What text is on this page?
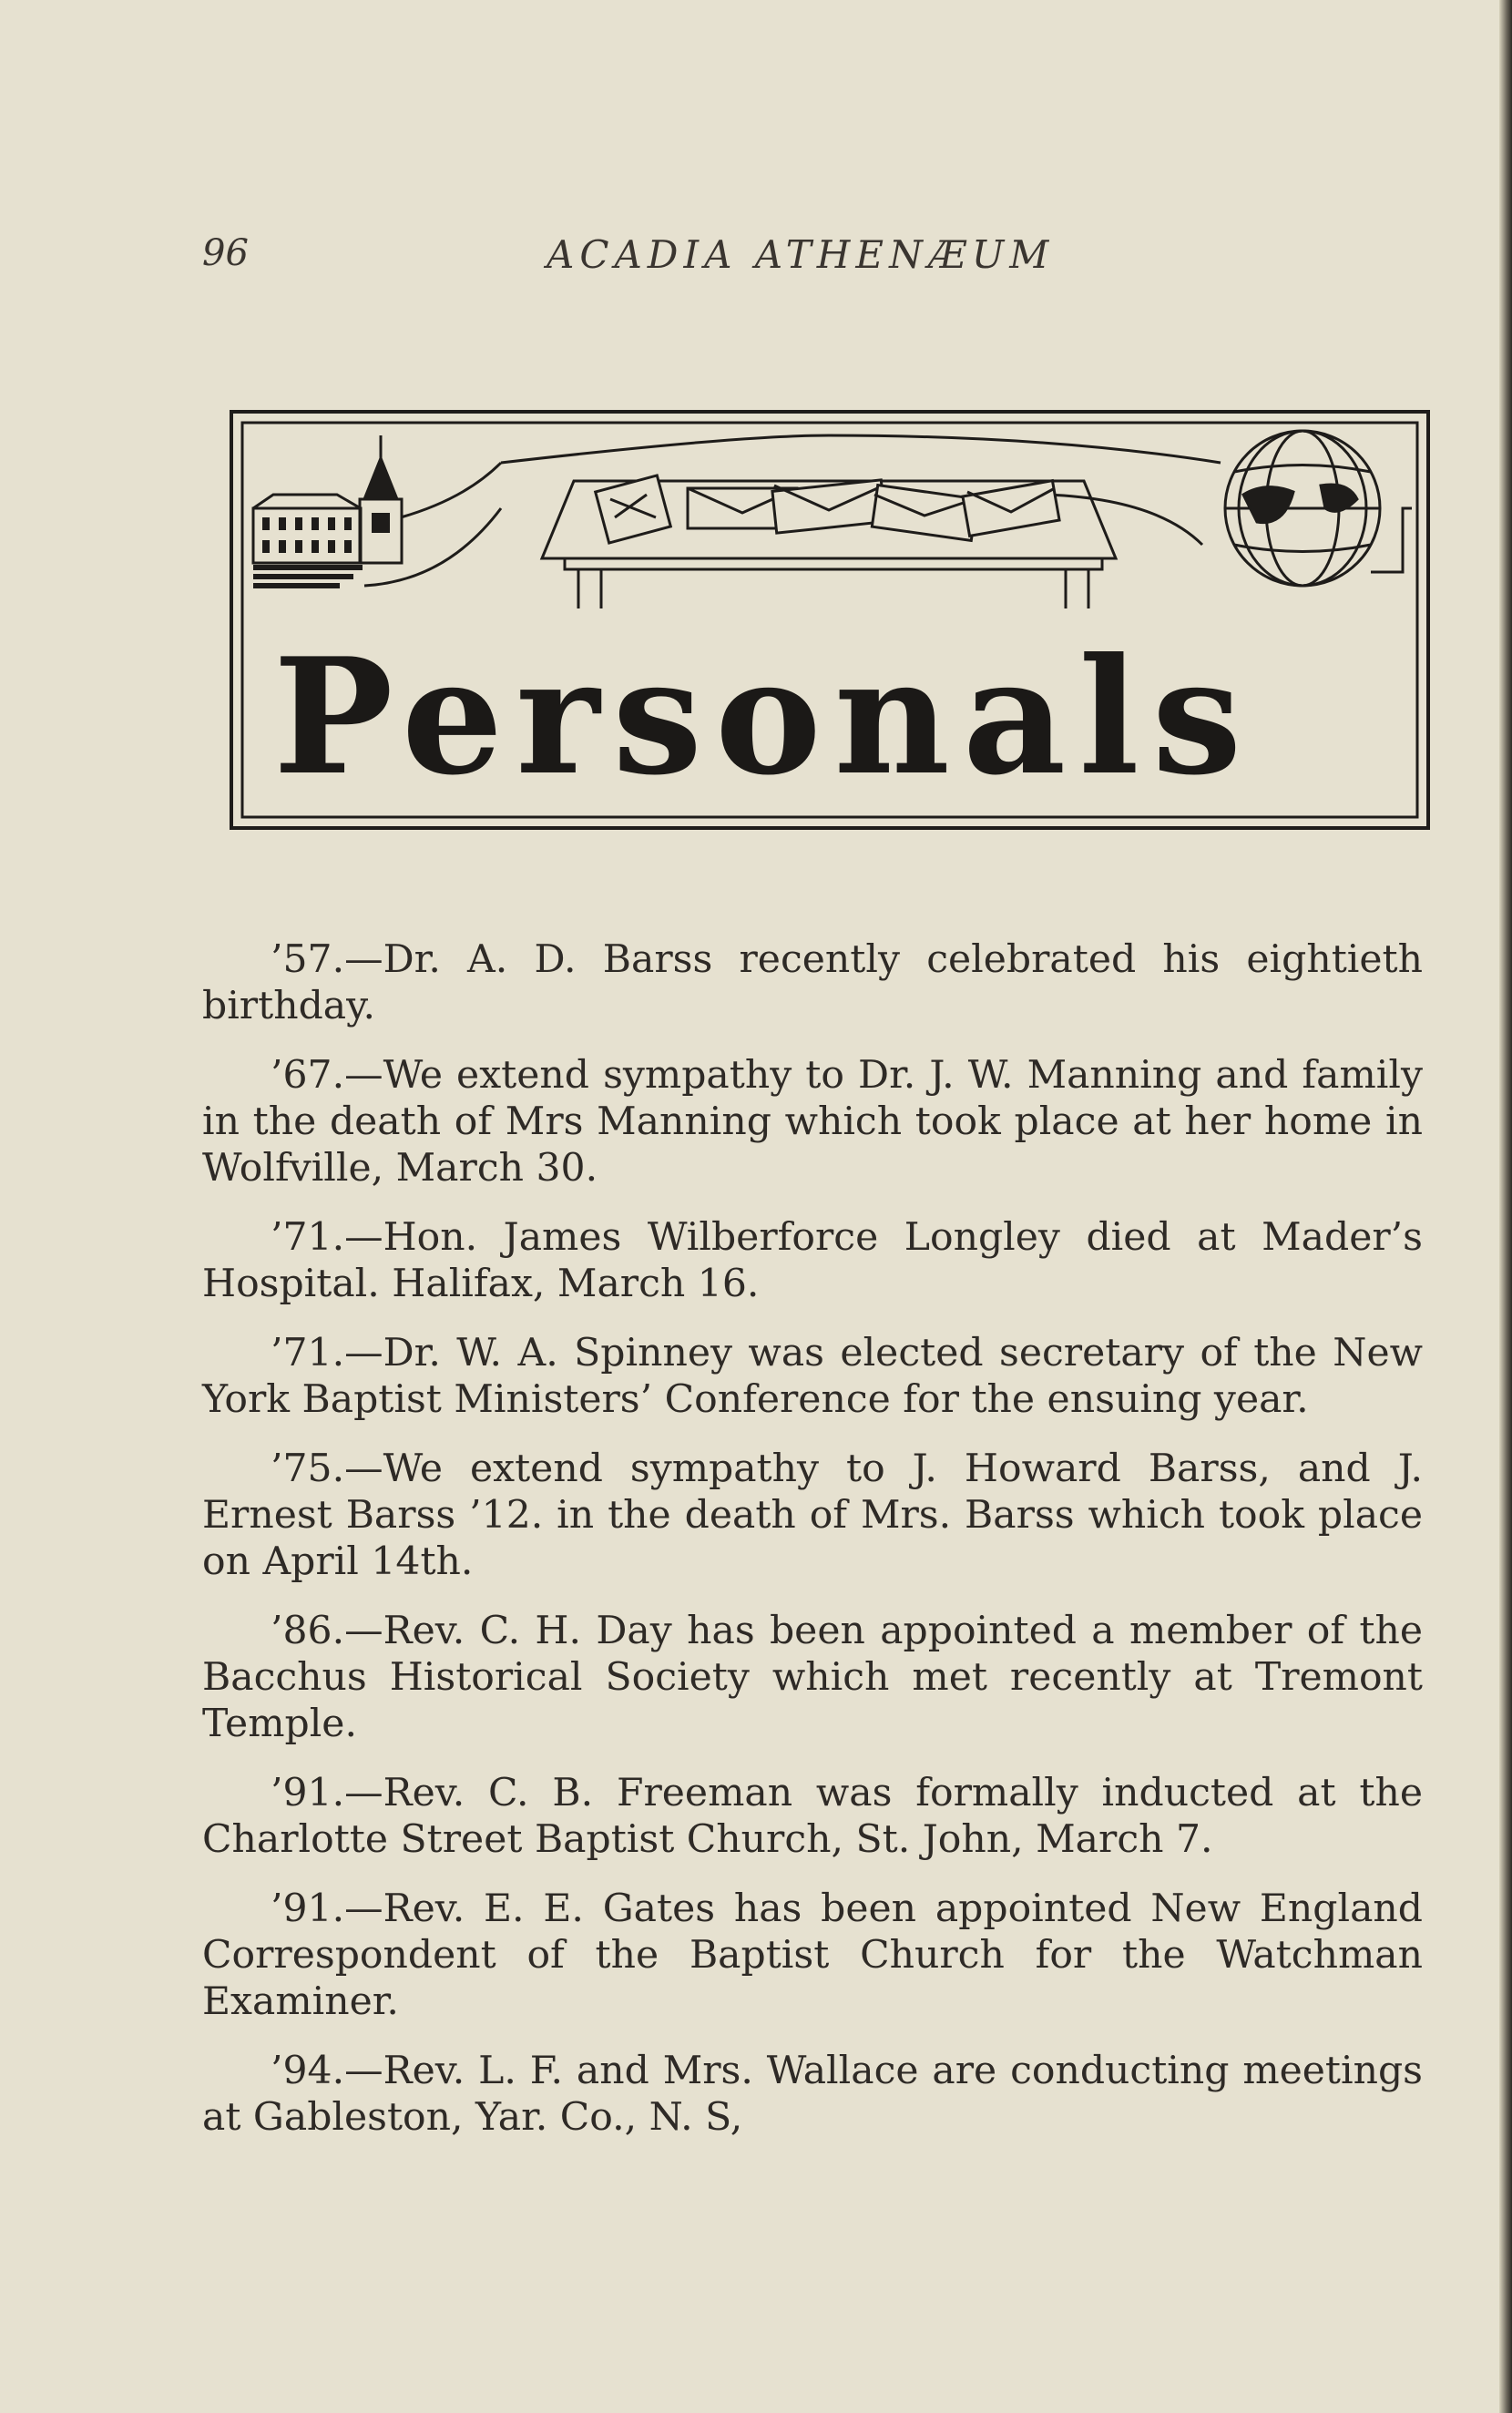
96	ACADIA ATHENÆUM
Personals

’57.—Dr. A. D. Barss recently celebrated his eightieth birthday.

’67.—We extend sympathy to Dr. J. W. Manning and family in the death of Mrs Manning which took place at her home in Wolfville, March 30.

’71.—Hon. James Wilberforce Longley died at Mader’s Hospital. Halifax, March 16.

’71.—Dr. W. A. Spinney was elected secretary of the New York Baptist Ministers’ Conference for the ensuing year.

’75.—We extend sympathy to J. Howard Barss, and J. Ernest Barss ’12. in the death of Mrs. Barss which took place on April 14th.

’86.—Rev. C. H. Day has been appointed a member of the Bacchus Historical Society which met recently at Tremont Temple.

’91.—Rev. C. B. Freeman was formally inducted at the Charlotte Street Baptist Church, St. John, March 7.

’91.—Rev. E. E. Gates has been appointed New England Correspondent of the Baptist Church for the Watchman Examiner.

’94.—Rev. L. F. and Mrs. Wallace are conducting meetings at Gableston, Yar. Co., N. S,
